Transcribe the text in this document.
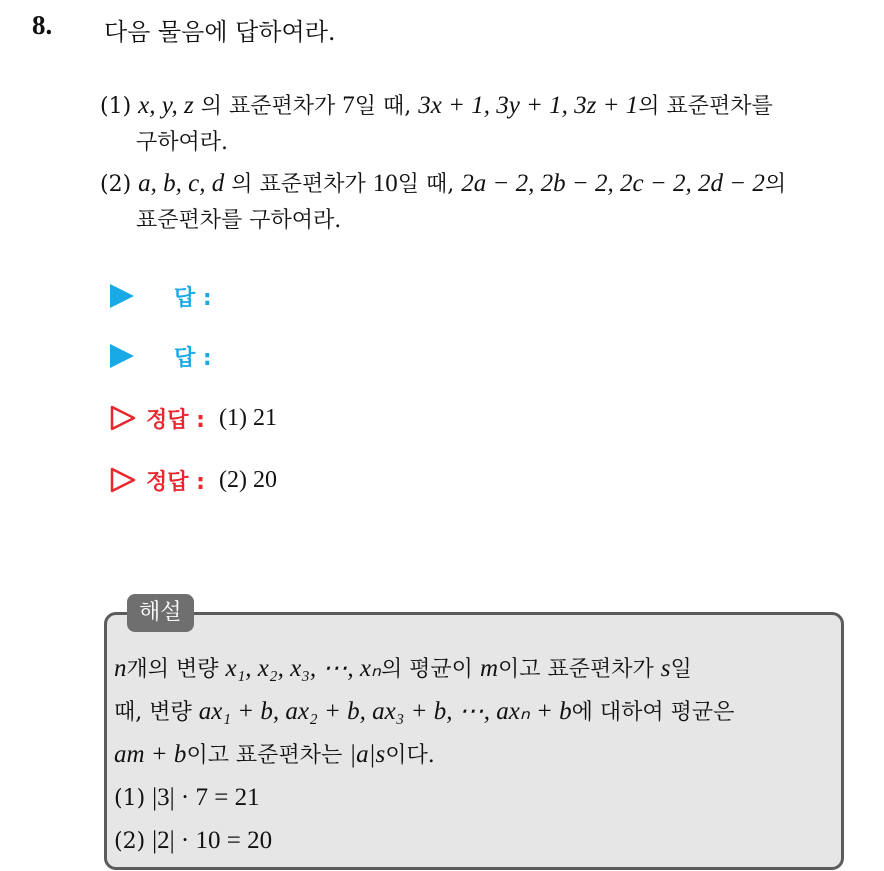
8. 다음 물음에 답하여라.
(1) x, y, z 의 표준편차가 7일 때, 3x + 1, 3y + 1, 3z + 1의 표준편차를
구하여라.
(2) a, b, c, d 의 표준편차가 10일 때, 2a − 2, 2b − 2, 2c − 2, 2d − 2의
표준편차를 구하여라.
답 :
답 :
정답 : (1) 21
정답 : (2) 20
해설
n개의 변량 x₁, x₂, x₃, ⋯, xₙ의 평균이 m이고 표준편차가 s일
때, 변량 ax₁ + b, ax₂ + b, ax₃ + b, ⋯, axₙ + b에 대하여 평균은
am + b이고 표준편차는 |a|s이다.
(1) |3| · 7 = 21
(2) |2| · 10 = 20
